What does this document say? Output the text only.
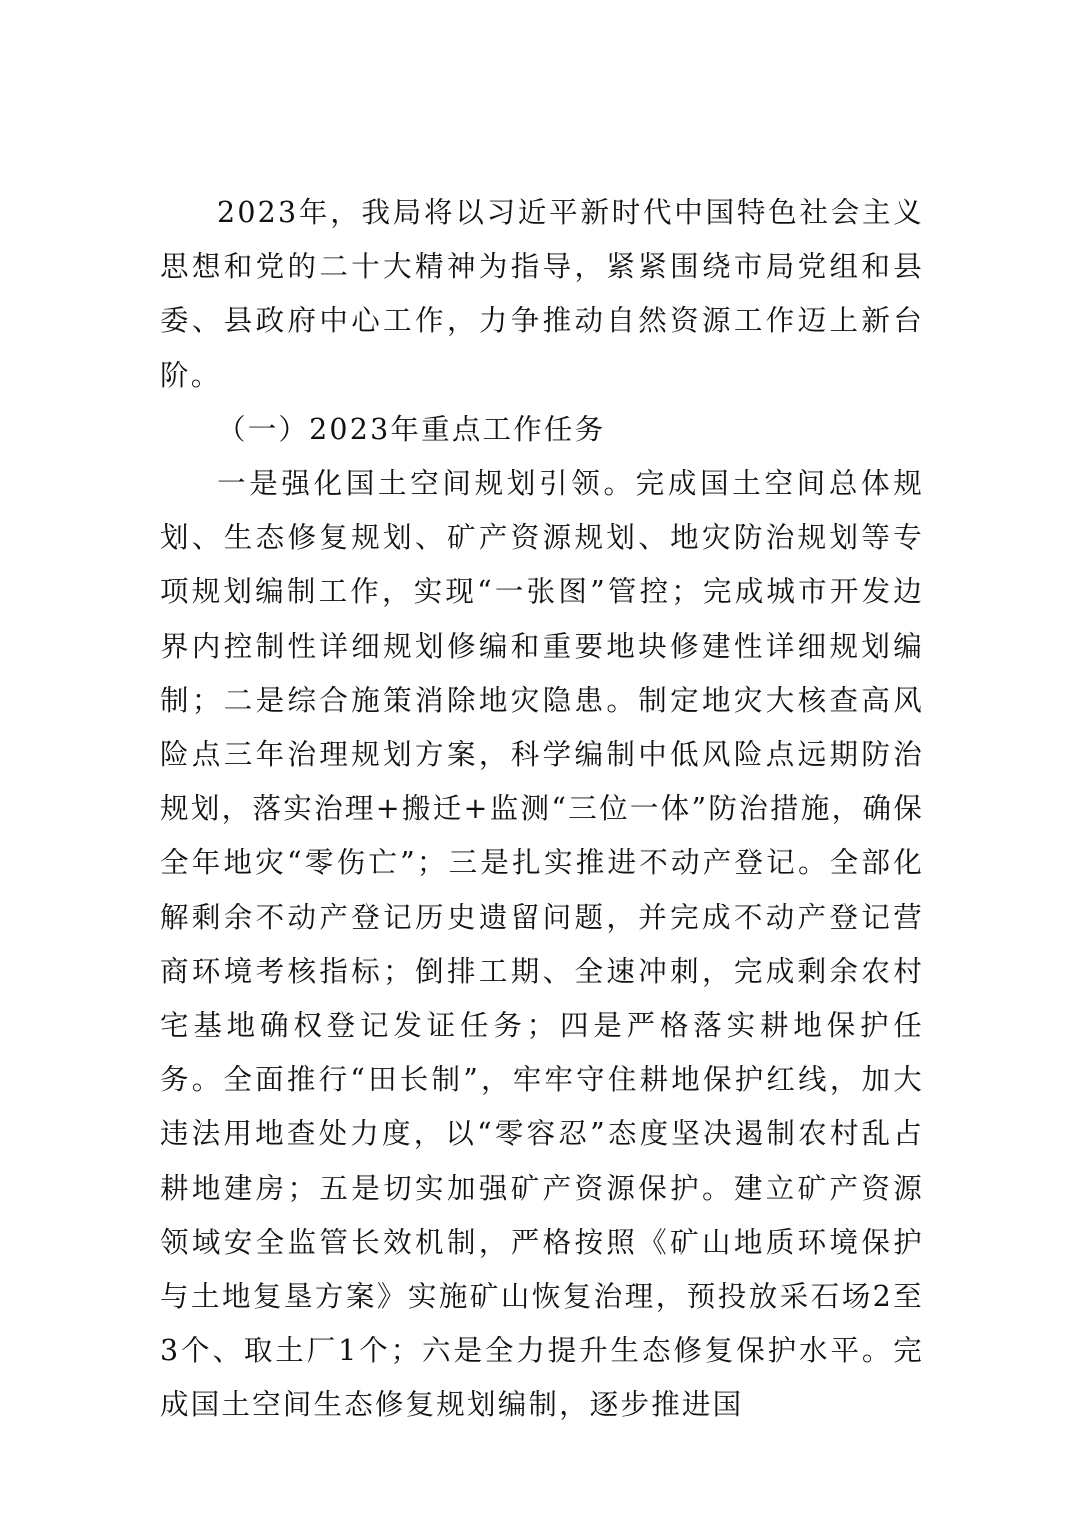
2023年，我局将以习近平新时代中国特色社会主义思想和党的二十大精神为指导，紧紧围绕市局党组和县委、县政府中心工作，力争推动自然资源工作迈上新台阶。

（一）2023年重点工作任务

一是强化国土空间规划引领。完成国土空间总体规划、生态修复规划、矿产资源规划、地灾防治规划等专项规划编制工作，实现“一张图”管控；完成城市开发边界内控制性详细规划修编和重要地块修建性详细规划编制；二是综合施策消除地灾隐患。制定地灾大核查高风险点三年治理规划方案，科学编制中低风险点远期防治规划，落实治理+搬迁+监测“三位一体”防治措施，确保全年地灾“零伤亡”；三是扎实推进不动产登记。全部化解剩余不动产登记历史遗留问题，并完成不动产登记营商环境考核指标；倒排工期、全速冲刺，完成剩余农村宅基地确权登记发证任务；四是严格落实耕地保护任务。全面推行“田长制”，牢牢守住耕地保护红线，加大违法用地查处力度，以“零容忍”态度坚决遏制农村乱占耕地建房；五是切实加强矿产资源保护。建立矿产资源领域安全监管长效机制，严格按照《矿山地质环境保护与土地复垦方案》实施矿山恢复治理，预投放采石场2至3个、取土厂1个；六是全力提升生态修复保护水平。完成国土空间生态修复规划编制，逐步推进国
